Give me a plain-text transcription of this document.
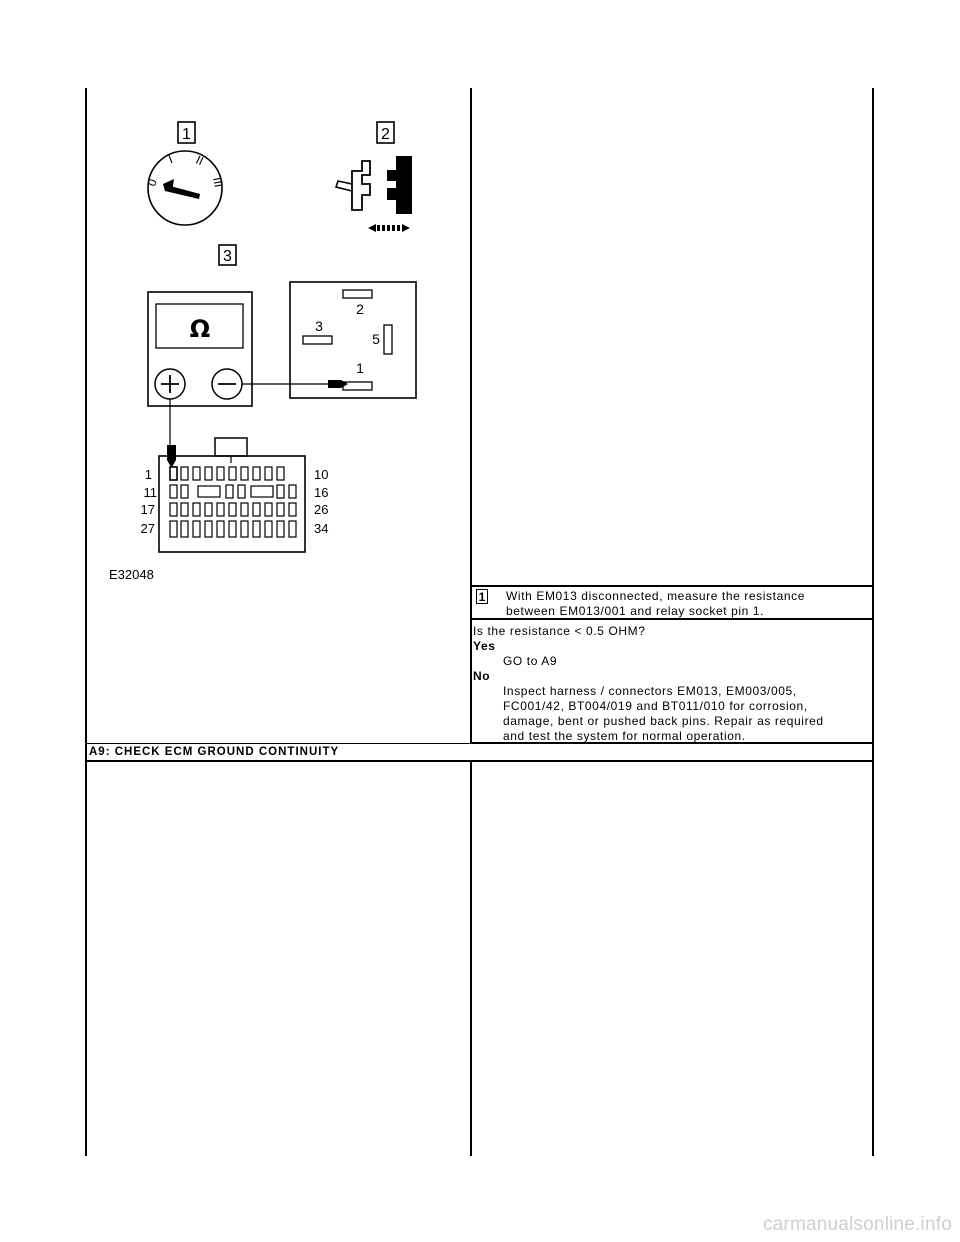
1	2
3
0
I II
III
Ω
2
3
5
1
1
11
17
27
10
16
26
34
E32048
1 With EM013 disconnected, measure the resistance
between EM013/001 and relay socket pin 1.
Is the resistance < 0.5 OHM?
Yes
GO to A9
No
Inspect harness / connectors EM013, EM003/005,
FC001/42, BT004/019 and BT011/010 for corrosion,
damage, bent or pushed back pins. Repair as required
and test the system for normal operation.
A9: CHECK ECM GROUND CONTINUITY
carmanualsonline.info
